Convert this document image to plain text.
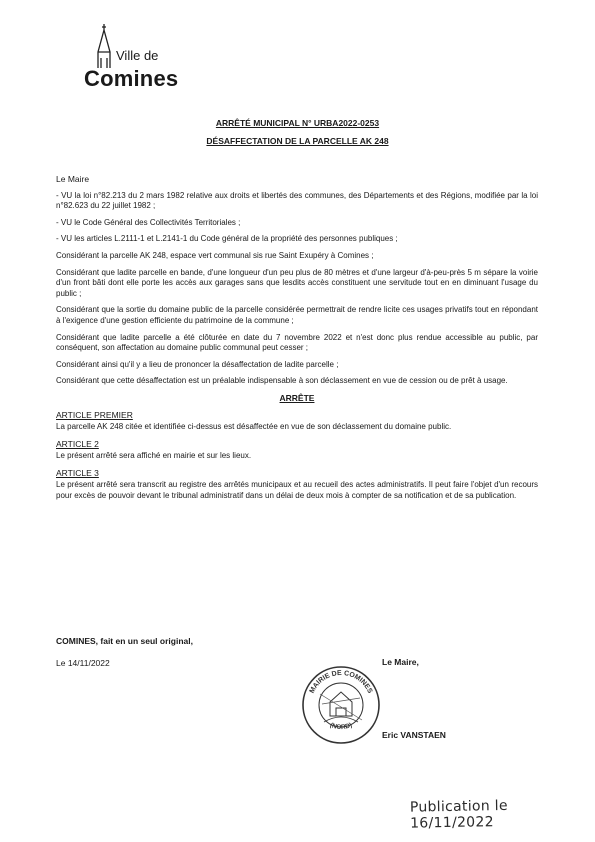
Ville de
Comines
ARRÊTÉ MUNICIPAL N° URBA2022-0253
DÉSAFFECTATION DE LA PARCELLE AK 248

Le Maire

- VU la loi n°82.213 du 2 mars 1982 relative aux droits et libertés des communes, des Départements et des Régions, modifiée par la loi n°82.623 du 22 juillet 1982 ;

- VU le Code Général des Collectivités Territoriales ;

- VU les articles L.2111-1 et L.2141-1 du Code général de la propriété des personnes publiques ;

Considérant la parcelle AK 248, espace vert communal sis rue Saint Exupéry à Comines ;

Considérant que ladite parcelle en bande, d'une longueur d'un peu plus de 80 mètres et d'une largeur d'à-peu-près 5 m sépare la voirie d'un front bâti dont elle porte les accès aux garages sans que lesdits accès constituent une servitude tout en en diminuant l'usage du public ;

Considérant que la sortie du domaine public de la parcelle considérée permettrait de rendre licite ces usages privatifs tout en répondant à l'exigence d'une gestion efficiente du patrimoine de la commune ;

Considérant que ladite parcelle a été clôturée en date du 7 novembre 2022 et n'est donc plus rendue accessible au public, par conséquent, son affectation au domaine public communal peut cesser ;

Considérant ainsi qu'il y a lieu de prononcer la désaffectation de ladite parcelle ;

Considérant que cette désaffectation est un préalable indispensable à son déclassement en vue de cession ou de prêt à usage.

ARRÊTE
ARTICLE PREMIER

La parcelle AK 248 citée et identifiée ci-dessus est désaffectée en vue de son déclassement du domaine public.

ARTICLE 2

Le présent arrêté sera affiché en mairie et sur les lieux.

ARTICLE 3

Le présent arrêté sera transcrit au registre des arrêtés municipaux et au recueil des actes administratifs. Il peut faire l'objet d'un recours pour excès de pouvoir devant le tribunal administratif dans un délai de deux mois à compter de sa notification et de sa publication.

COMINES, fait en un seul original,
Le 14/11/2022	Le Maire,
MAIRIE DE COMINES
(NORD)
Eric VANSTAEN
Publication le 16/11/2022
